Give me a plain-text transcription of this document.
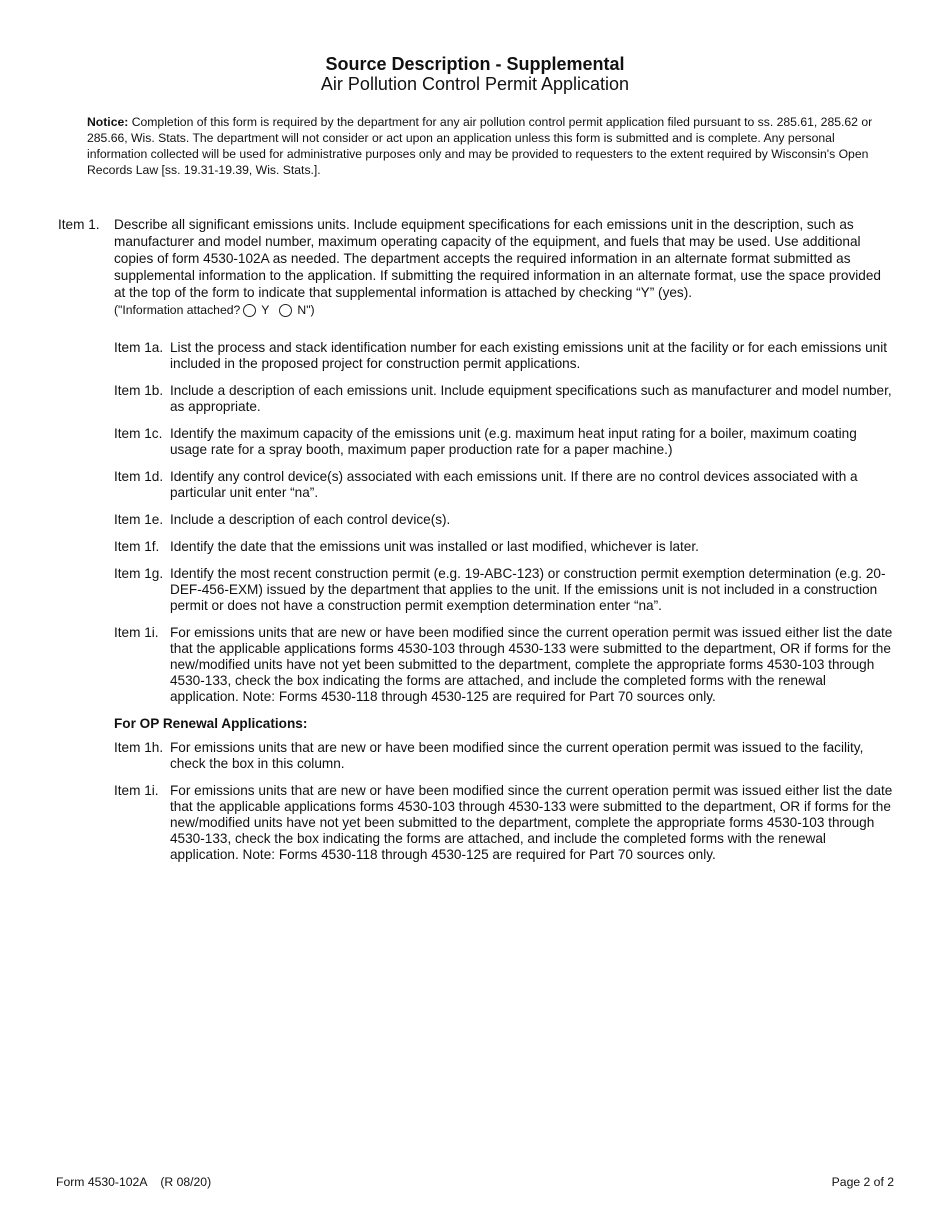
Source Description - Supplemental
Air Pollution Control Permit Application
Notice: Completion of this form is required by the department for any air pollution control permit application filed pursuant to ss. 285.61, 285.62 or 285.66, Wis. Stats. The department will not consider or act upon an application unless this form is submitted and is complete. Any personal information collected will be used for administrative purposes only and may be provided to requesters to the extent required by Wisconsin's Open Records Law [ss. 19.31-19.39, Wis. Stats.].
Item 1.	Describe all significant emissions units. Include equipment specifications for each emissions unit in the description, such as manufacturer and model number, maximum operating capacity of the equipment, and fuels that may be used. Use additional copies of form 4530-102A as needed. The department accepts the required information in an alternate format submitted as supplemental information to the application. If submitting the required information in an alternate format, use the space provided at the top of the form to indicate that supplemental information is attached by checking “Y” (yes).
("Information attached? Y N")
Item 1a. List the process and stack identification number for each existing emissions unit at the facility or for each emissions unit included in the proposed project for construction permit applications.
Item 1b. Include a description of each emissions unit. Include equipment specifications such as manufacturer and model number, as appropriate.
Item 1c. Identify the maximum capacity of the emissions unit (e.g. maximum heat input rating for a boiler, maximum coating usage rate for a spray booth, maximum paper production rate for a paper machine.)
Item 1d. Identify any control device(s) associated with each emissions unit. If there are no control devices associated with a particular unit enter “na”.
Item 1e. Include a description of each control device(s).
Item 1f. Identify the date that the emissions unit was installed or last modified, whichever is later.
Item 1g. Identify the most recent construction permit (e.g. 19-ABC-123) or construction permit exemption determination (e.g. 20-DEF-456-EXM) issued by the department that applies to the unit. If the emissions unit is not included in a construction permit or does not have a construction permit exemption determination enter “na”.
Item 1i. For emissions units that are new or have been modified since the current operation permit was issued either list the date that the applicable applications forms 4530-103 through 4530-133 were submitted to the department, OR if forms for the new/modified units have not yet been submitted to the department, complete the appropriate forms 4530-103 through 4530-133, check the box indicating the forms are attached, and include the completed forms with the renewal application. Note: Forms 4530-118 through 4530-125 are required for Part 70 sources only.
For OP Renewal Applications:
Item 1h. For emissions units that are new or have been modified since the current operation permit was issued to the facility, check the box in this column.
Item 1i. For emissions units that are new or have been modified since the current operation permit was issued either list the date that the applicable applications forms 4530-103 through 4530-133 were submitted to the department, OR if forms for the new/modified units have not yet been submitted to the department, complete the appropriate forms 4530-103 through 4530-133, check the box indicating the forms are attached, and include the completed forms with the renewal application. Note: Forms 4530-118 through 4530-125 are required for Part 70 sources only.
Form 4530-102A    (R 08/20)	Page 2 of 2
